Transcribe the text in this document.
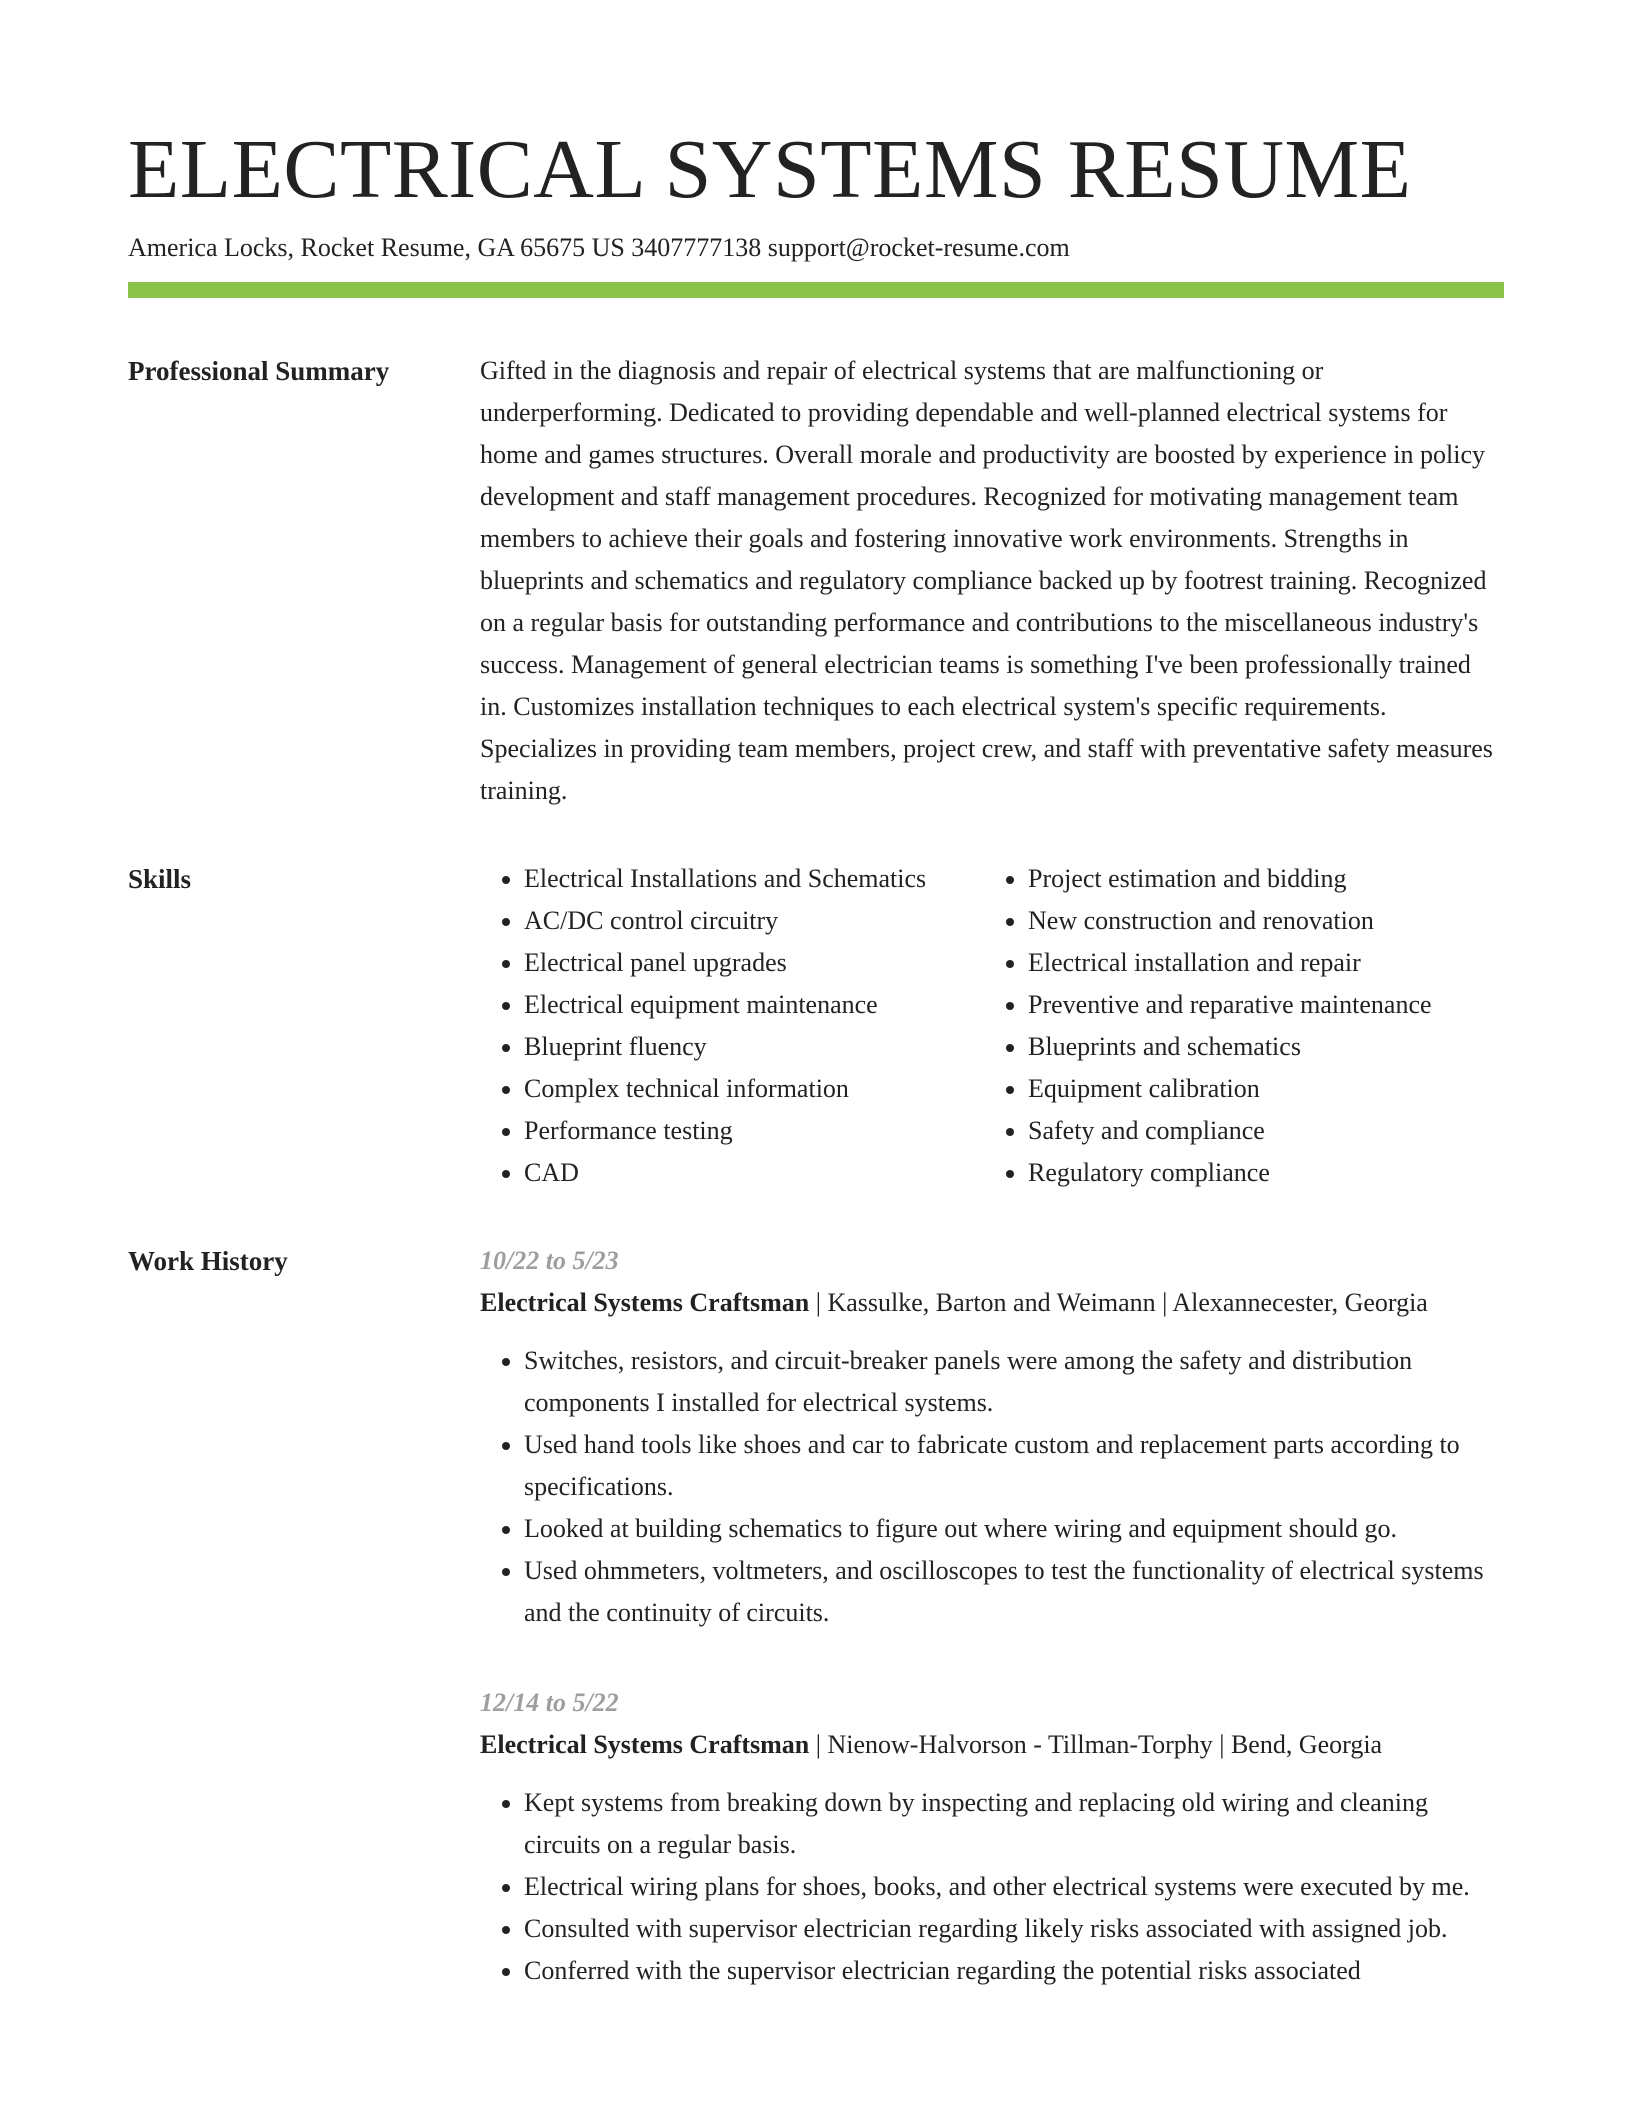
ELECTRICAL SYSTEMS RESUME
America Locks, Rocket Resume, GA 65675 US 3407777138 support@rocket-resume.com
Professional Summary	Gifted in the diagnosis and repair of electrical systems that are malfunctioning or underperforming. Dedicated to providing dependable and well-planned electrical systems for home and games structures. Overall morale and productivity are boosted by experience in policy development and staff management procedures. Recognized for motivating management team members to achieve their goals and fostering innovative work environments. Strengths in blueprints and schematics and regulatory compliance backed up by footrest training. Recognized on a regular basis for outstanding performance and contributions to the miscellaneous industry's success. Management of general electrician teams is something I've been professionally trained in. Customizes installation techniques to each electrical system's specific requirements. Specializes in providing team members, project crew, and staff with preventative safety measures training.

Skills
•	Electrical Installations and Schematics
• AC/DC control circuitry
• Electrical panel upgrades
• Electrical equipment maintenance
• Blueprint fluency
• Complex technical information
• Performance testing
• CAD
• Project estimation and bidding
• New construction and renovation
• Electrical installation and repair
• Preventive and reparative maintenance
• Blueprints and schematics
• Equipment calibration
• Safety and compliance
• Regulatory compliance
Work History	10/22 to 5/23
Electrical Systems Craftsman | Kassulke, Barton and Weimann | Alexannecester, Georgia
• Switches, resistors, and circuit-breaker panels were among the safety and distribution components I installed for electrical systems.
• Used hand tools like shoes and car to fabricate custom and replacement parts according to specifications.
• Looked at building schematics to figure out where wiring and equipment should go.
• Used ohmmeters, voltmeters, and oscilloscopes to test the functionality of electrical systems and the continuity of circuits.
12/14 to 5/22
Electrical Systems Craftsman | Nienow-Halvorson - Tillman-Torphy | Bend, Georgia
• Kept systems from breaking down by inspecting and replacing old wiring and cleaning circuits on a regular basis.
• Electrical wiring plans for shoes, books, and other electrical systems were executed by me.
• Consulted with supervisor electrician regarding likely risks associated with assigned job.
• Conferred with the supervisor electrician regarding the potential risks associated
